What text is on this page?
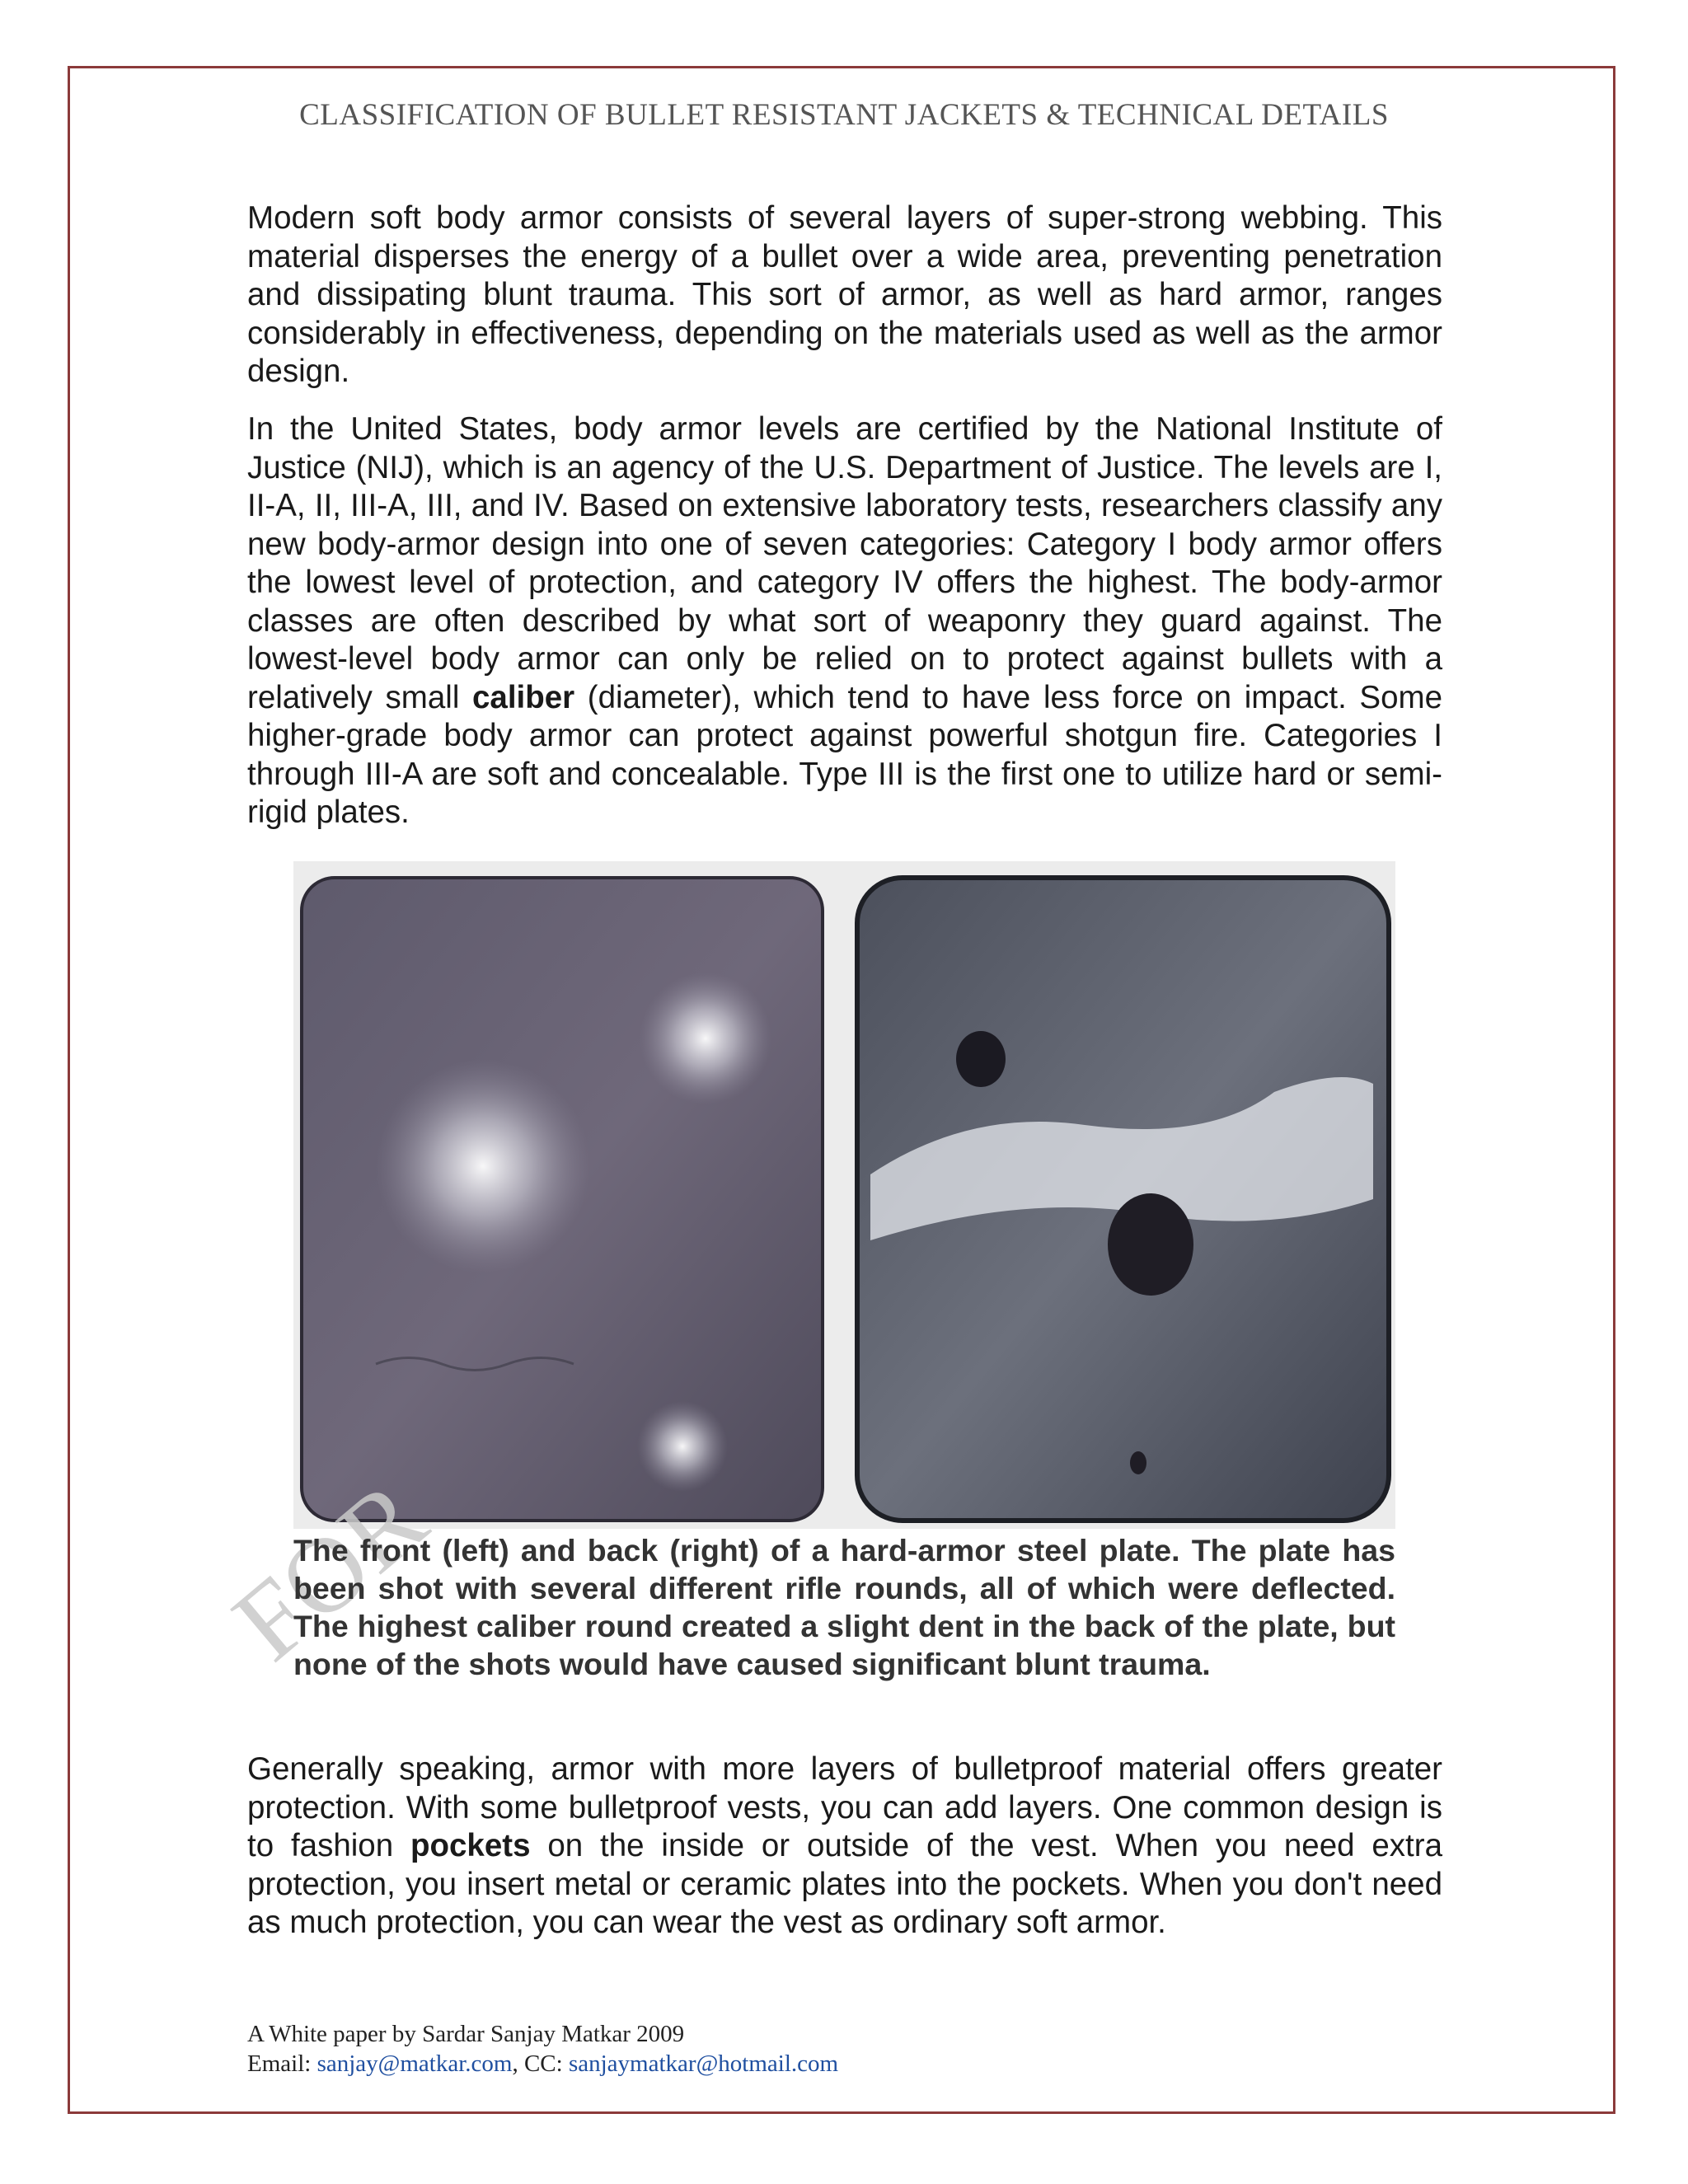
CLASSIFICATION OF BULLET RESISTANT JACKETS & TECHNICAL DETAILS

Modern soft body armor consists of several layers of super-strong webbing. This material disperses the energy of a bullet over a wide area, preventing penetration and dissipating blunt trauma. This sort of armor, as well as hard armor, ranges considerably in effectiveness, depending on the materials used as well as the armor design.

In the United States, body armor levels are certified by the National Institute of Justice (NIJ), which is an agency of the U.S. Department of Justice. The levels are I, II-A, II, III-A, III, and IV. Based on extensive laboratory tests, researchers classify any new body-armor design into one of seven categories: Category I body armor offers the lowest level of protection, and category IV offers the highest. The body-armor classes are often described by what sort of weaponry they guard against. The lowest-level body armor can only be relied on to protect against bullets with a relatively small caliber (diameter), which tend to have less force on impact. Some higher-grade body armor can protect against powerful shotgun fire. Categories I through III-A are soft and concealable. Type III is the first one to utilize hard or semi-rigid plates.

FOR

The front (left) and back (right) of a hard-armor steel plate. The plate has been shot with several different rifle rounds, all of which were deflected. The highest caliber round created a slight dent in the back of the plate, but none of the shots would have caused significant blunt trauma.

Generally speaking, armor with more layers of bulletproof material offers greater protection. With some bulletproof vests, you can add layers. One common design is to fashion pockets on the inside or outside of the vest. When you need extra protection, you insert metal or ceramic plates into the pockets. When you don't need as much protection, you can wear the vest as ordinary soft armor.

A White paper by Sardar Sanjay Matkar 2009
Email: sanjay@matkar.com, CC: sanjaymatkar@hotmail.com
